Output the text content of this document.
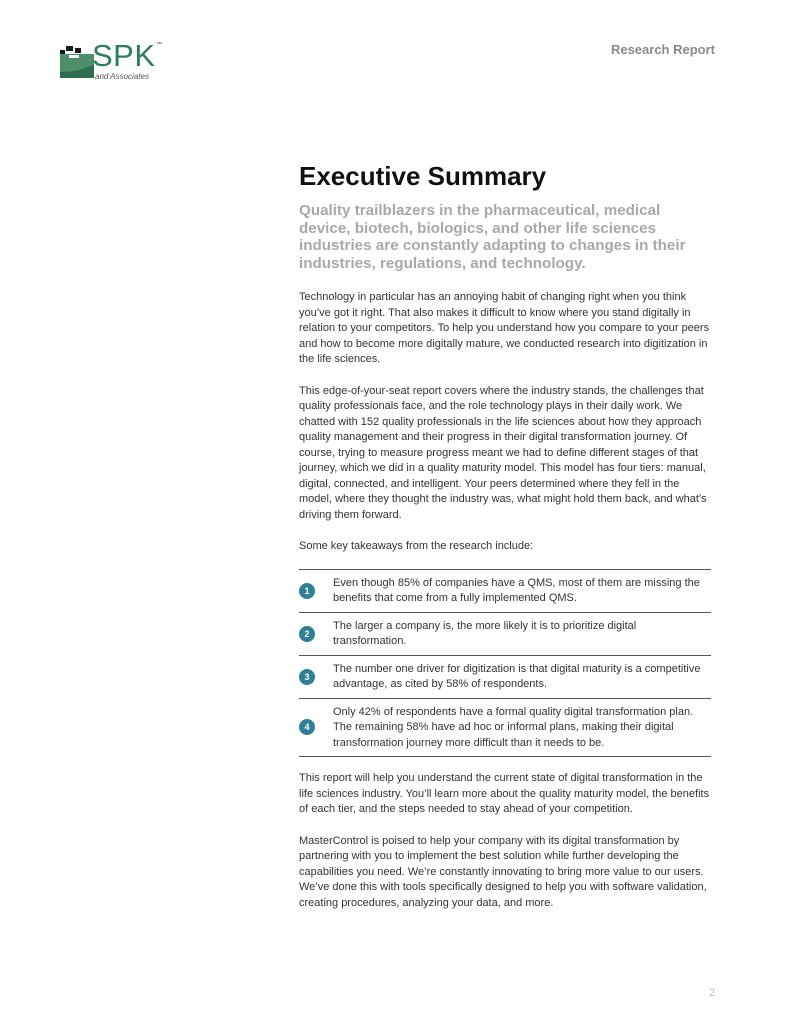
SPK ™
and Associates
Research Report
Executive Summary

Quality trailblazers in the pharmaceutical, medical device, biotech, biologics, and other life sciences industries are constantly adapting to changes in their industries, regulations, and technology.

Technology in particular has an annoying habit of changing right when you think you’ve got it right. That also makes it difficult to know where you stand digitally in relation to your competitors. To help you understand how you compare to your peers and how to become more digitally mature, we conducted research into digitization in the life sciences.

This edge-of-your-seat report covers where the industry stands, the challenges that quality professionals face, and the role technology plays in their daily work. We chatted with 152 quality professionals in the life sciences about how they approach quality management and their progress in their digital transformation journey. Of course, trying to measure progress meant we had to define different stages of that journey, which we did in a quality maturity model. This model has four tiers: manual, digital, connected, and intelligent. Your peers determined where they fell in the model, where they thought the industry was, what might hold them back, and what’s driving them forward.

Some key takeaways from the research include:

1
Even though 85% of companies have a QMS, most of them are missing the benefits that come from a fully implemented QMS.
2
The larger a company is, the more likely it is to prioritize digital transformation.
3
The number one driver for digitization is that digital maturity is a competitive advantage, as cited by 58% of respondents.
4
Only 42% of respondents have a formal quality digital transformation plan. The remaining 58% have ad hoc or informal plans, making their digital transformation journey more difficult than it needs to be.

This report will help you understand the current state of digital transformation in the life sciences industry. You’ll learn more about the quality maturity model, the benefits of each tier, and the steps needed to stay ahead of your competition.

MasterControl is poised to help your company with its digital transformation by partnering with you to implement the best solution while further developing the capabilities you need. We’re constantly innovating to bring more value to our users. We’ve done this with tools specifically designed to help you with software validation, creating procedures, analyzing your data, and more.

2
